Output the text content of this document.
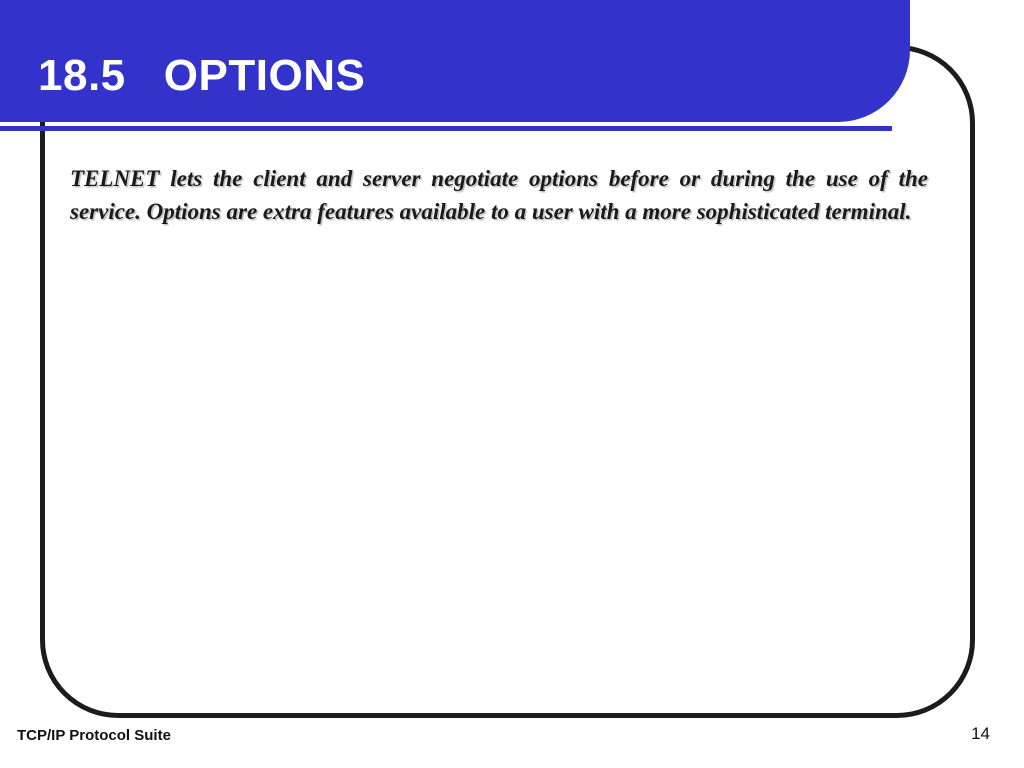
18.5   OPTIONS

TELNET lets the client and server negotiate options before or during the use of the service. Options are extra features available to a user with a more sophisticated terminal.

TCP/IP Protocol Suite	14
